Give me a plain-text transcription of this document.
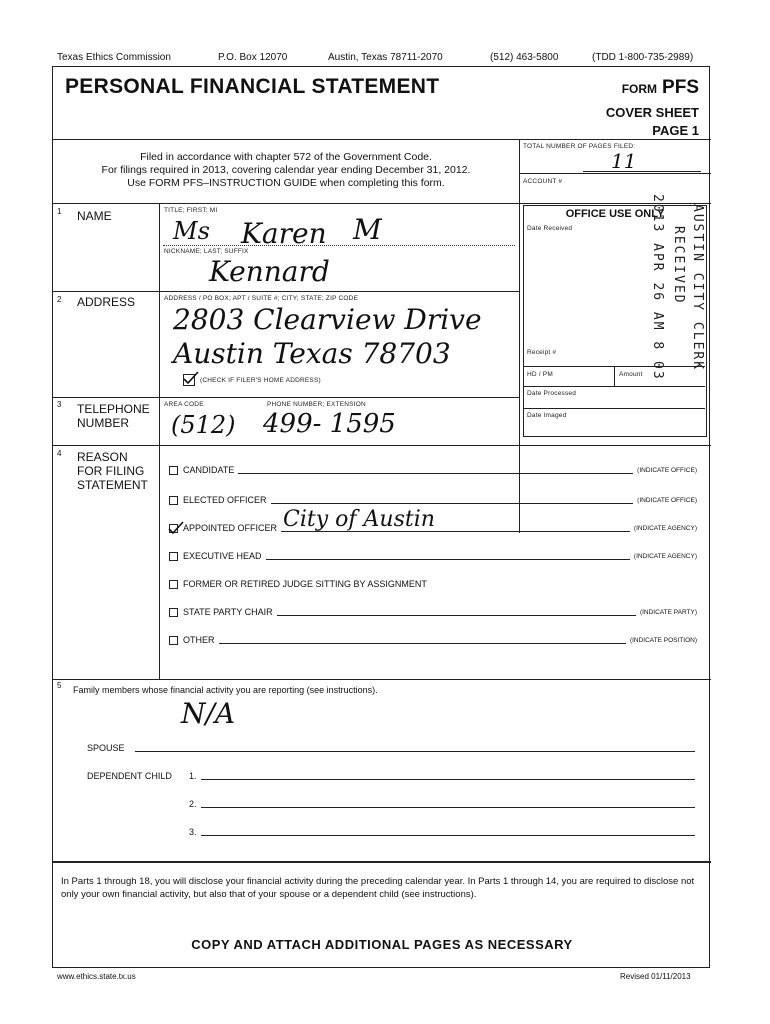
Texas Ethics Commission	P.O. Box 12070	Austin, Texas 78711-2070	(512) 463-5800	(TDD 1-800-735-2989)
PERSONAL FINANCIAL STATEMENT	FORM PFS
COVER SHEET
PAGE 1
Filed in accordance with chapter 572 of the Government Code.
For filings required in 2013, covering calendar year ending December 31, 2012.
Use FORM PFS–INSTRUCTION GUIDE when completing this form.
TOTAL NUMBER OF PAGES FILED:
11
ACCOUNT #
OFFICE USE ONLY
Date Received
Receipt #
HD / PM	Amount
Date Processed
Date Imaged
AUSTIN CITY CLERK
RECEIVED
2013 APR 26 AM 8 03
1 NAME	TITLE; FIRST; MI
Ms Karen M
NICKNAME; LAST; SUFFIX
Kennard
2 ADDRESS	ADDRESS / PO BOX; APT / SUITE #; CITY; STATE; ZIP CODE
2803 Clearview Drive
Austin Texas 78703
(CHECK IF FILER'S HOME ADDRESS)
3 TELEPHONE
NUMBER
AREA CODE	PHONE NUMBER; EXTENSION
(512) 499- 1595
4 REASON
FOR FILING
STATEMENT
CANDIDATE	(INDICATE OFFICE)
ELECTED OFFICER	(INDICATE OFFICE)
APPOINTED OFFICER City of Austin	(INDICATE AGENCY)
EXECUTIVE HEAD	(INDICATE AGENCY)
FORMER OR RETIRED JUDGE SITTING BY ASSIGNMENT
STATE PARTY CHAIR	(INDICATE PARTY)
OTHER	(INDICATE POSITION)
5 Family members whose financial activity you are reporting (see instructions).
N/A
SPOUSE
DEPENDENT CHILD 1.
2.
3.
In Parts 1 through 18, you will disclose your financial activity during the preceding calendar year. In Parts 1 through 14, you are required to disclose not only your own financial activity, but also that of your spouse or a dependent child (see instructions).
COPY AND ATTACH ADDITIONAL PAGES AS NECESSARY
www.ethics.state.tx.us	Revised 01/11/2013
